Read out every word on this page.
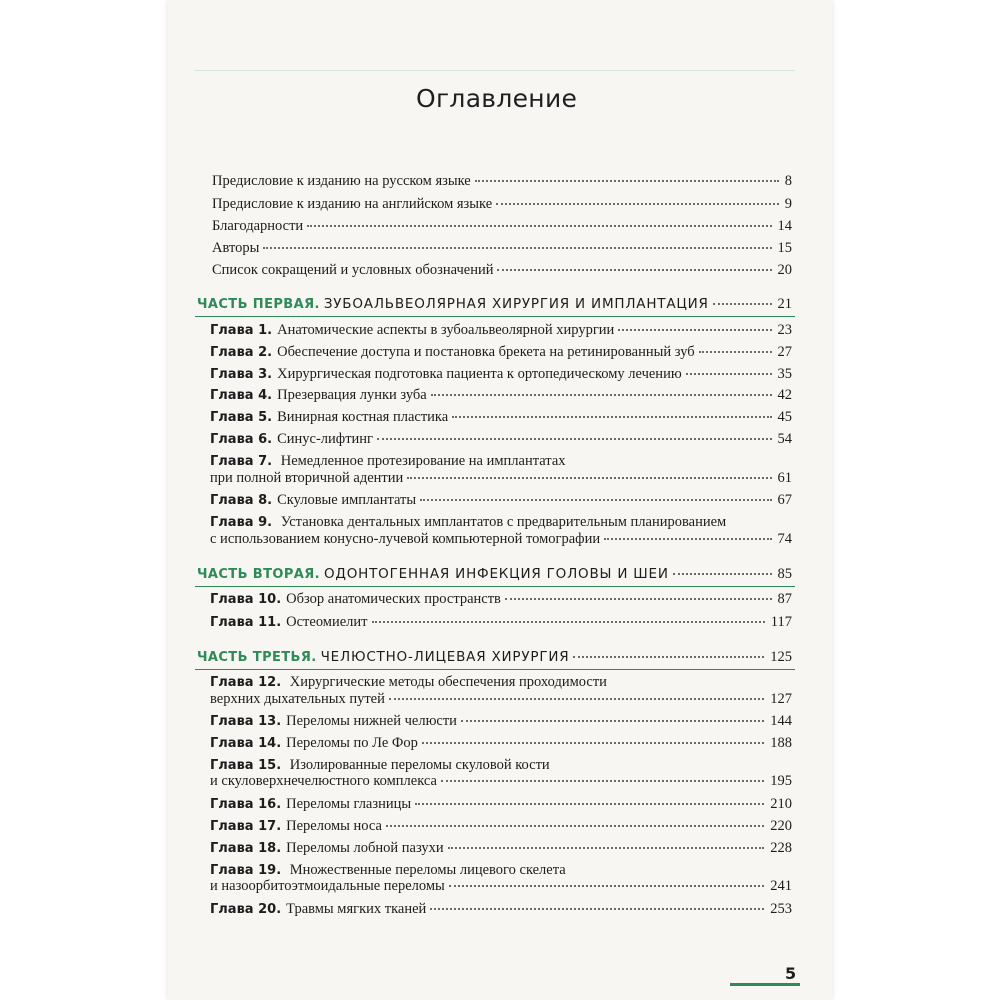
Оглавление
Предисловие к изданию на русском языке	8
Предисловие к изданию на английском языке	9
Благодарности	14
Авторы	15
Список сокращений и условных обозначений	20
ЧАСТЬ ПЕРВАЯ. ЗУБОАЛЬВЕОЛЯРНАЯ ХИРУРГИЯ И ИМПЛАНТАЦИЯ	21
Глава 1. Анатомические аспекты в зубоальвеолярной хирургии	23
Глава 2. Обеспечение доступа и постановка брекета на ретинированный зуб	27
Глава 3. Хирургическая подготовка пациента к ортопедическому лечению	35
Глава 4. Презервация лунки зуба	42
Глава 5. Винирная костная пластика	45
Глава 6. Синус-лифтинг	54
Глава 7. Немедленное протезирование на имплантатах
при полной вторичной адентии	61
Глава 8. Скуловые имплантаты	67
Глава 9. Установка дентальных имплантатов с предварительным планированием
с использованием конусно-лучевой компьютерной томографии	74
ЧАСТЬ ВТОРАЯ. ОДОНТОГЕННАЯ ИНФЕКЦИЯ ГОЛОВЫ И ШЕИ	85
Глава 10. Обзор анатомических пространств	87
Глава 11. Остеомиелит	117
ЧАСТЬ ТРЕТЬЯ. ЧЕЛЮСТНО-ЛИЦЕВАЯ ХИРУРГИЯ	125
Глава 12. Хирургические методы обеспечения проходимости
верхних дыхательных путей	127
Глава 13. Переломы нижней челюсти	144
Глава 14. Переломы по Ле Фор	188
Глава 15. Изолированные переломы скуловой кости
и скуловерхнечелюстного комплекса	195
Глава 16. Переломы глазницы	210
Глава 17. Переломы носа	220
Глава 18. Переломы лобной пазухи	228
Глава 19. Множественные переломы лицевого скелета
и назоорбитоэтмоидальные переломы	241
Глава 20. Травмы мягких тканей	253
5
